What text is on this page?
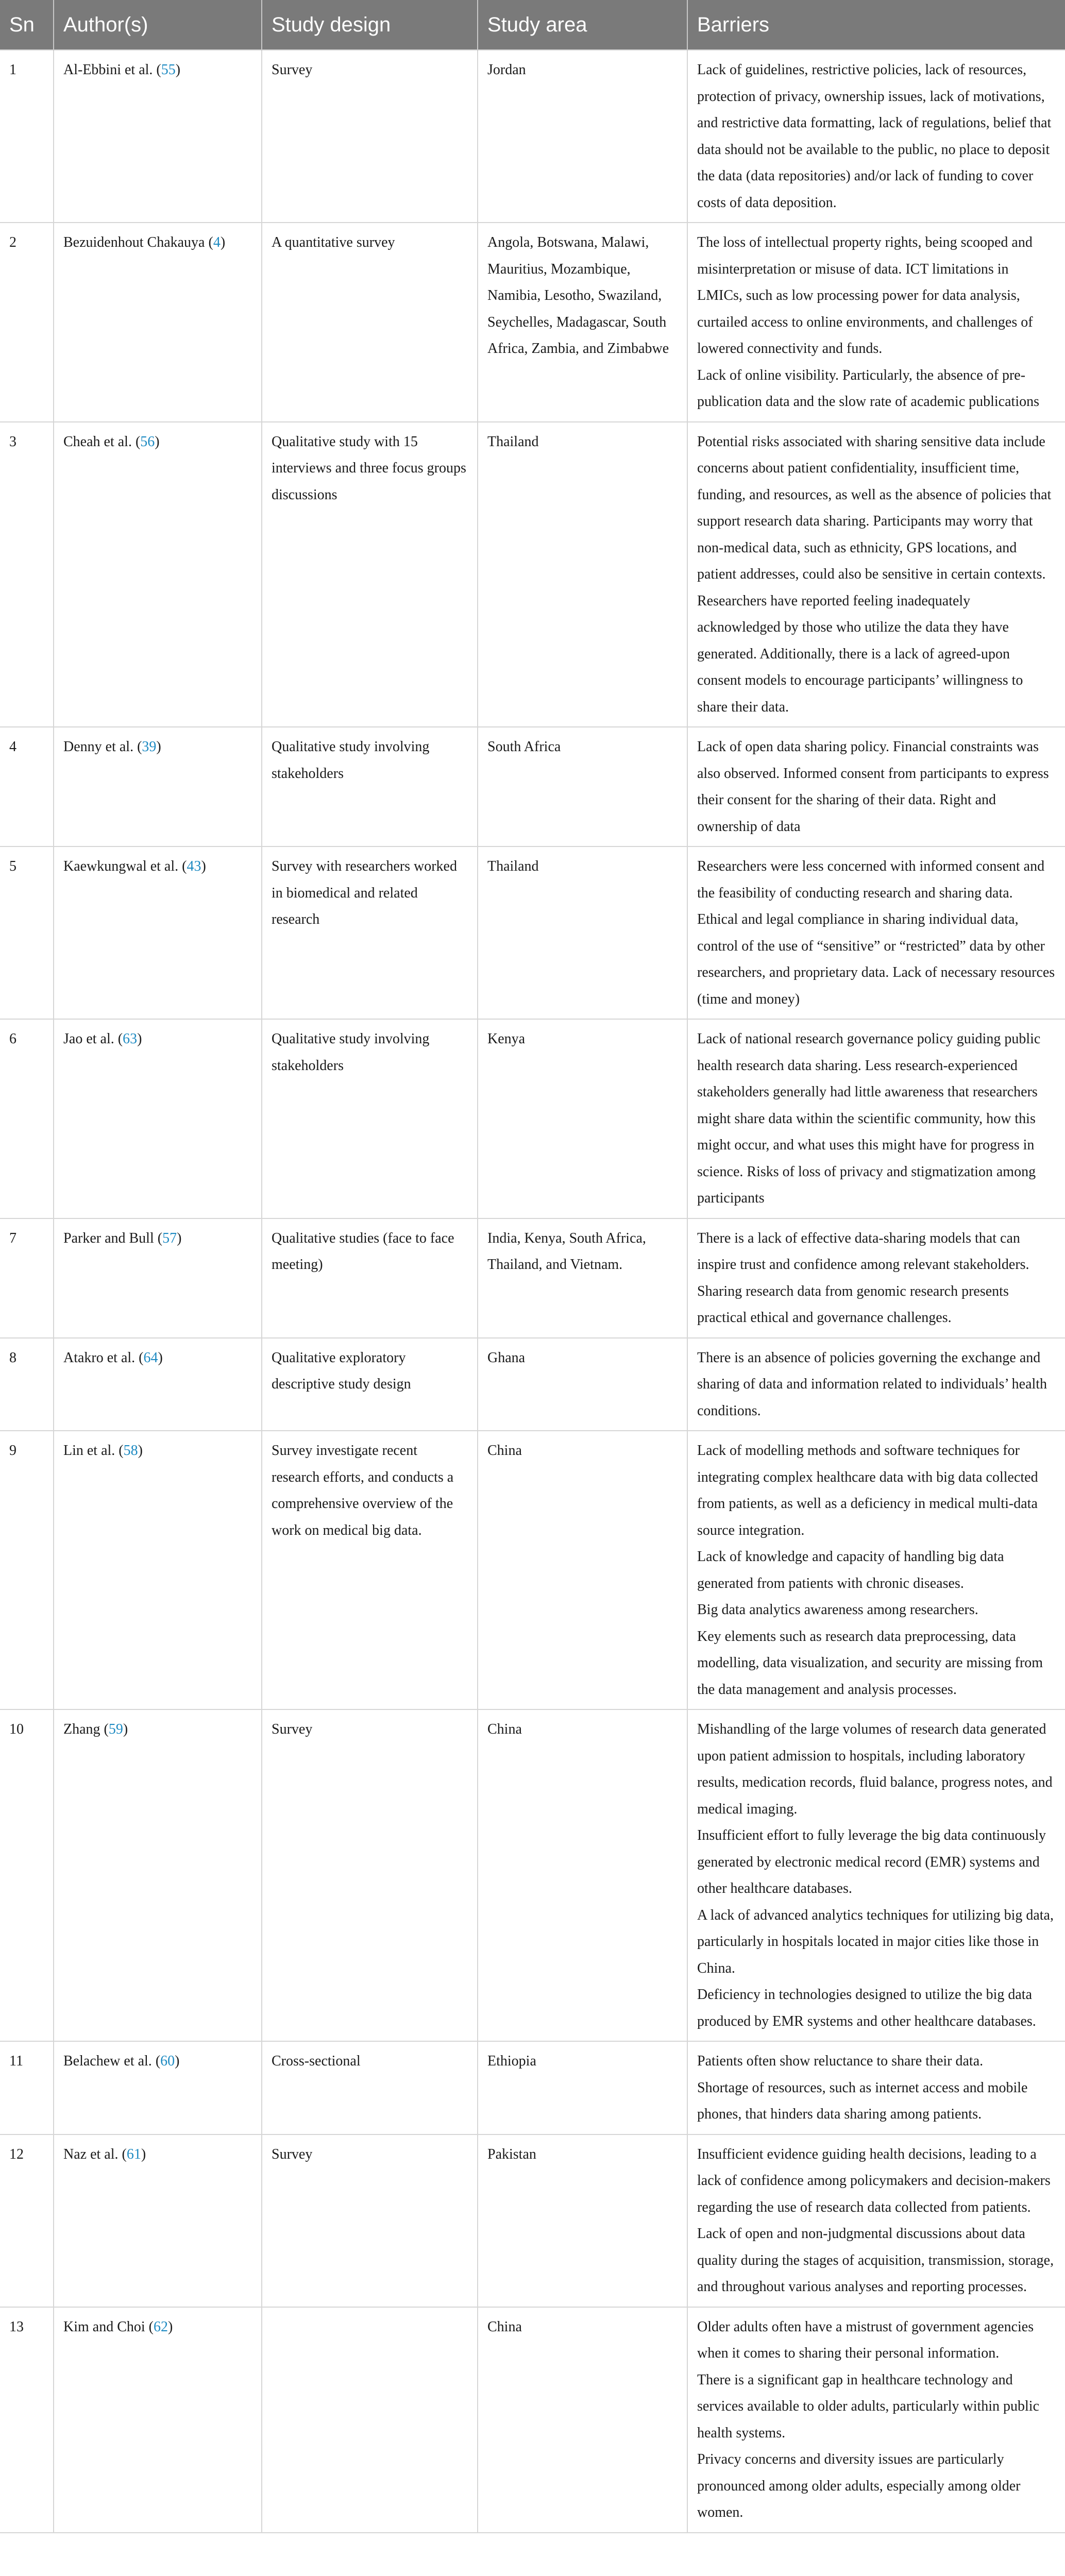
Sn	Author(s)	Study design	Study area	Barriers
1	Al-Ebbini et al. (55)	Survey	Jordan	Lack of guidelines, restrictive policies, lack of resources, protection of privacy, ownership issues, lack of motivations, and restrictive data formatting, lack of regulations, belief that data should not be available to the public, no place to deposit the data (data repositories) and/or lack of funding to cover costs of data deposition.

2	Bezuidenhout Chakauya (4)	A quantitative survey	Angola, Botswana, Malawi, Mauritius, Mozambique, Namibia, Lesotho, Swaziland, Seychelles, Madagascar, South Africa, Zambia, and Zimbabwe	The loss of intellectual property rights, being scooped and misinterpretation or misuse of data. ICT limitations in LMICs, such as low processing power for data analysis, curtailed access to online environments, and challenges of lowered connectivity and funds.
Lack of online visibility. Particularly, the absence of pre-publication data and the slow rate of academic publications

3	Cheah et al. (56)	Qualitative study with 15 interviews and three focus groups discussions	Thailand	Potential risks associated with sharing sensitive data include concerns about patient confidentiality, insufficient time, funding, and resources, as well as the absence of policies that support research data sharing. Participants may worry that non-medical data, such as ethnicity, GPS locations, and patient addresses, could also be sensitive in certain contexts. Researchers have reported feeling inadequately acknowledged by those who utilize the data they have generated. Additionally, there is a lack of agreed-upon consent models to encourage participants’ willingness to share their data.

4	Denny et al. (39)	Qualitative study involving stakeholders	South Africa	Lack of open data sharing policy. Financial constraints was also observed. Informed consent from participants to express their consent for the sharing of their data. Right and ownership of data

5	Kaewkungwal et al. (43)	Survey with researchers worked in biomedical and related research	Thailand	Researchers were less concerned with informed consent and the feasibility of conducting research and sharing data. Ethical and legal compliance in sharing individual data, control of the use of “sensitive” or “restricted” data by other researchers, and proprietary data. Lack of necessary resources (time and money)

6	Jao et al. (63)	Qualitative study involving stakeholders	Kenya	Lack of national research governance policy guiding public health research data sharing. Less research-experienced stakeholders generally had little awareness that researchers might share data within the scientific community, how this might occur, and what uses this might have for progress in science. Risks of loss of privacy and stigmatization among participants

7	Parker and Bull (57)	Qualitative studies (face to face meeting)	India, Kenya, South Africa, Thailand, and Vietnam.	There is a lack of effective data-sharing models that can inspire trust and confidence among relevant stakeholders.
Sharing research data from genomic research presents practical ethical and governance challenges.

8	Atakro et al. (64)	Qualitative exploratory descriptive study design	Ghana	There is an absence of policies governing the exchange and sharing of data and information related to individuals’ health conditions.

9	Lin et al. (58)	Survey investigate recent research efforts, and conducts a comprehensive overview of the work on medical big data.	China	Lack of modelling methods and software techniques for integrating complex healthcare data with big data collected from patients, as well as a deficiency in medical multi-data source integration.
Lack of knowledge and capacity of handling big data generated from patients with chronic diseases.
Big data analytics awareness among researchers.
Key elements such as research data preprocessing, data modelling, data visualization, and security are missing from the data management and analysis processes.

10	Zhang (59)	Survey	China	Mishandling of the large volumes of research data generated upon patient admission to hospitals, including laboratory results, medication records, fluid balance, progress notes, and medical imaging.
Insufficient effort to fully leverage the big data continuously generated by electronic medical record (EMR) systems and other healthcare databases.
A lack of advanced analytics techniques for utilizing big data, particularly in hospitals located in major cities like those in China.
Deficiency in technologies designed to utilize the big data produced by EMR systems and other healthcare databases.

11	Belachew et al. (60)	Cross-sectional	Ethiopia	Patients often show reluctance to share their data.
Shortage of resources, such as internet access and mobile phones, that hinders data sharing among patients.

12	Naz et al. (61)	Survey	Pakistan	Insufficient evidence guiding health decisions, leading to a lack of confidence among policymakers and decision-makers regarding the use of research data collected from patients.
Lack of open and non-judgmental discussions about data quality during the stages of acquisition, transmission, storage, and throughout various analyses and reporting processes.

13	Kim and Choi (62)		China	Older adults often have a mistrust of government agencies when it comes to sharing their personal information.
There is a significant gap in healthcare technology and services available to older adults, particularly within public health systems.
Privacy concerns and diversity issues are particularly pronounced among older adults, especially among older women.
